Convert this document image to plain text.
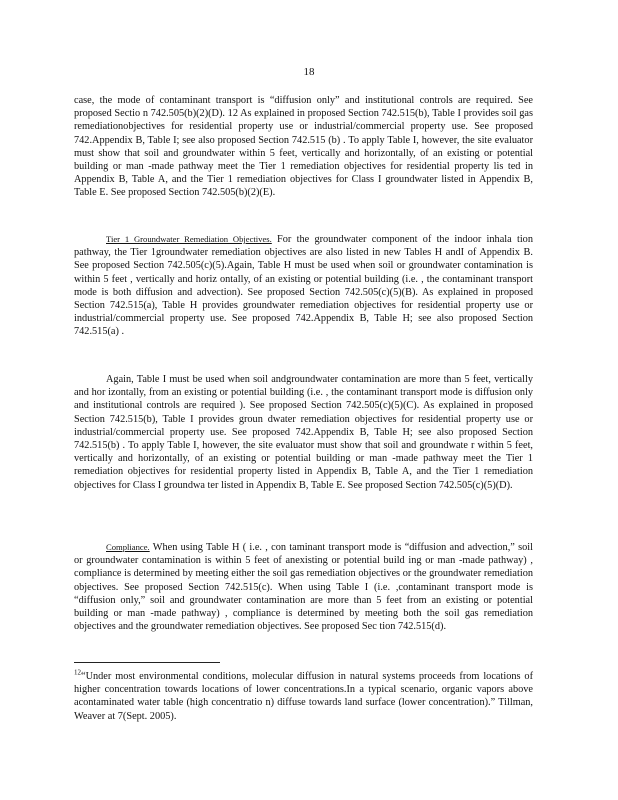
18

case, the mode of contaminant transport is “diffusion only” and institutional controls are required. See proposed Sectio n 742.505(b)(2)(D). 12 As explained in proposed Section 742.515(b), Table I provides soil gas remediationobjectives for residential property use or industrial/commercial property use. See proposed 742.Appendix B, Table I; see also proposed Section 742.515 (b) . To apply Table I, however, the site evaluator must show that soil and groundwater within 5 feet, vertically and horizontally, of an existing or potential building or man -made pathway meet the Tier 1 remediation objectives for residential property lis ted in Appendix B, Table A, and the Tier 1 remediation objectives for Class I groundwater listed in Appendix B, Table E. See proposed Section 742.505(b)(2)(E).

Tier 1 Groundwater Remediation Objectives. For the groundwater component of the indoor inhala tion pathway, the Tier 1groundwater remediation objectives are also listed in new Tables H andI of Appendix B. See proposed Section 742.505(c)(5).Again, Table H must be used when soil or groundwater contamination is within 5 feet , vertically and horiz ontally, of an existing or potential building (i.e. , the contaminant transport mode is both diffusion and advection). See proposed Section 742.505(c)(5)(B). As explained in proposed Section 742.515(a), Table H provides groundwater remediation objectives for residential property use or industrial/commercial property use. See proposed 742.Appendix B, Table H; see also proposed Section 742.515(a) .

Again, Table I must be used when soil andgroundwater contamination are more than 5 feet, vertically and hor izontally, from an existing or potential building (i.e. , the contaminant transport mode is diffusion only and institutional controls are required ). See proposed Section 742.505(c)(5)(C). As explained in proposed Section 742.515(b), Table I provides groun dwater remediation objectives for residential property use or industrial/commercial property use. See proposed 742.Appendix B, Table H; see also proposed Section 742.515(b) . To apply Table I, however, the site evaluator must show that soil and groundwate r within 5 feet, vertically and horizontally, of an existing or potential building or man -made pathway meet the Tier 1 remediation objectives for residential property listed in Appendix B, Table A, and the Tier 1 remediation objectives for Class I groundwa ter listed in Appendix B, Table E. See proposed Section 742.505(c)(5)(D).

Compliance. When using Table H ( i.e. , con taminant transport mode is “diffusion and advection,” soil or groundwater contamination is within 5 feet of anexisting or potential build ing or man -made pathway) , compliance is determined by meeting either the soil gas remediation objectives or the groundwater remediation objectives. See proposed Section 742.515(c). When using Table I (i.e. ,contaminant transport mode is “diffusion only,” soil and groundwater contamination are more than 5 feet from an existing or potential building or man -made pathway) , compliance is determined by meeting both the soil gas remediation objectives and the groundwater remediation objectives. See proposed Sec tion 742.515(d).

$^{12}$“Under most environmental conditions, molecular diffusion in natural systems proceeds from locations of higher concentration towards locations of lower concentrations.In a typical scenario, organic vapors above acontaminated water table (high concentratio n) diffuse towards land surface (lower concentration).” Tillman, Weaver at 7(Sept. 2005).
